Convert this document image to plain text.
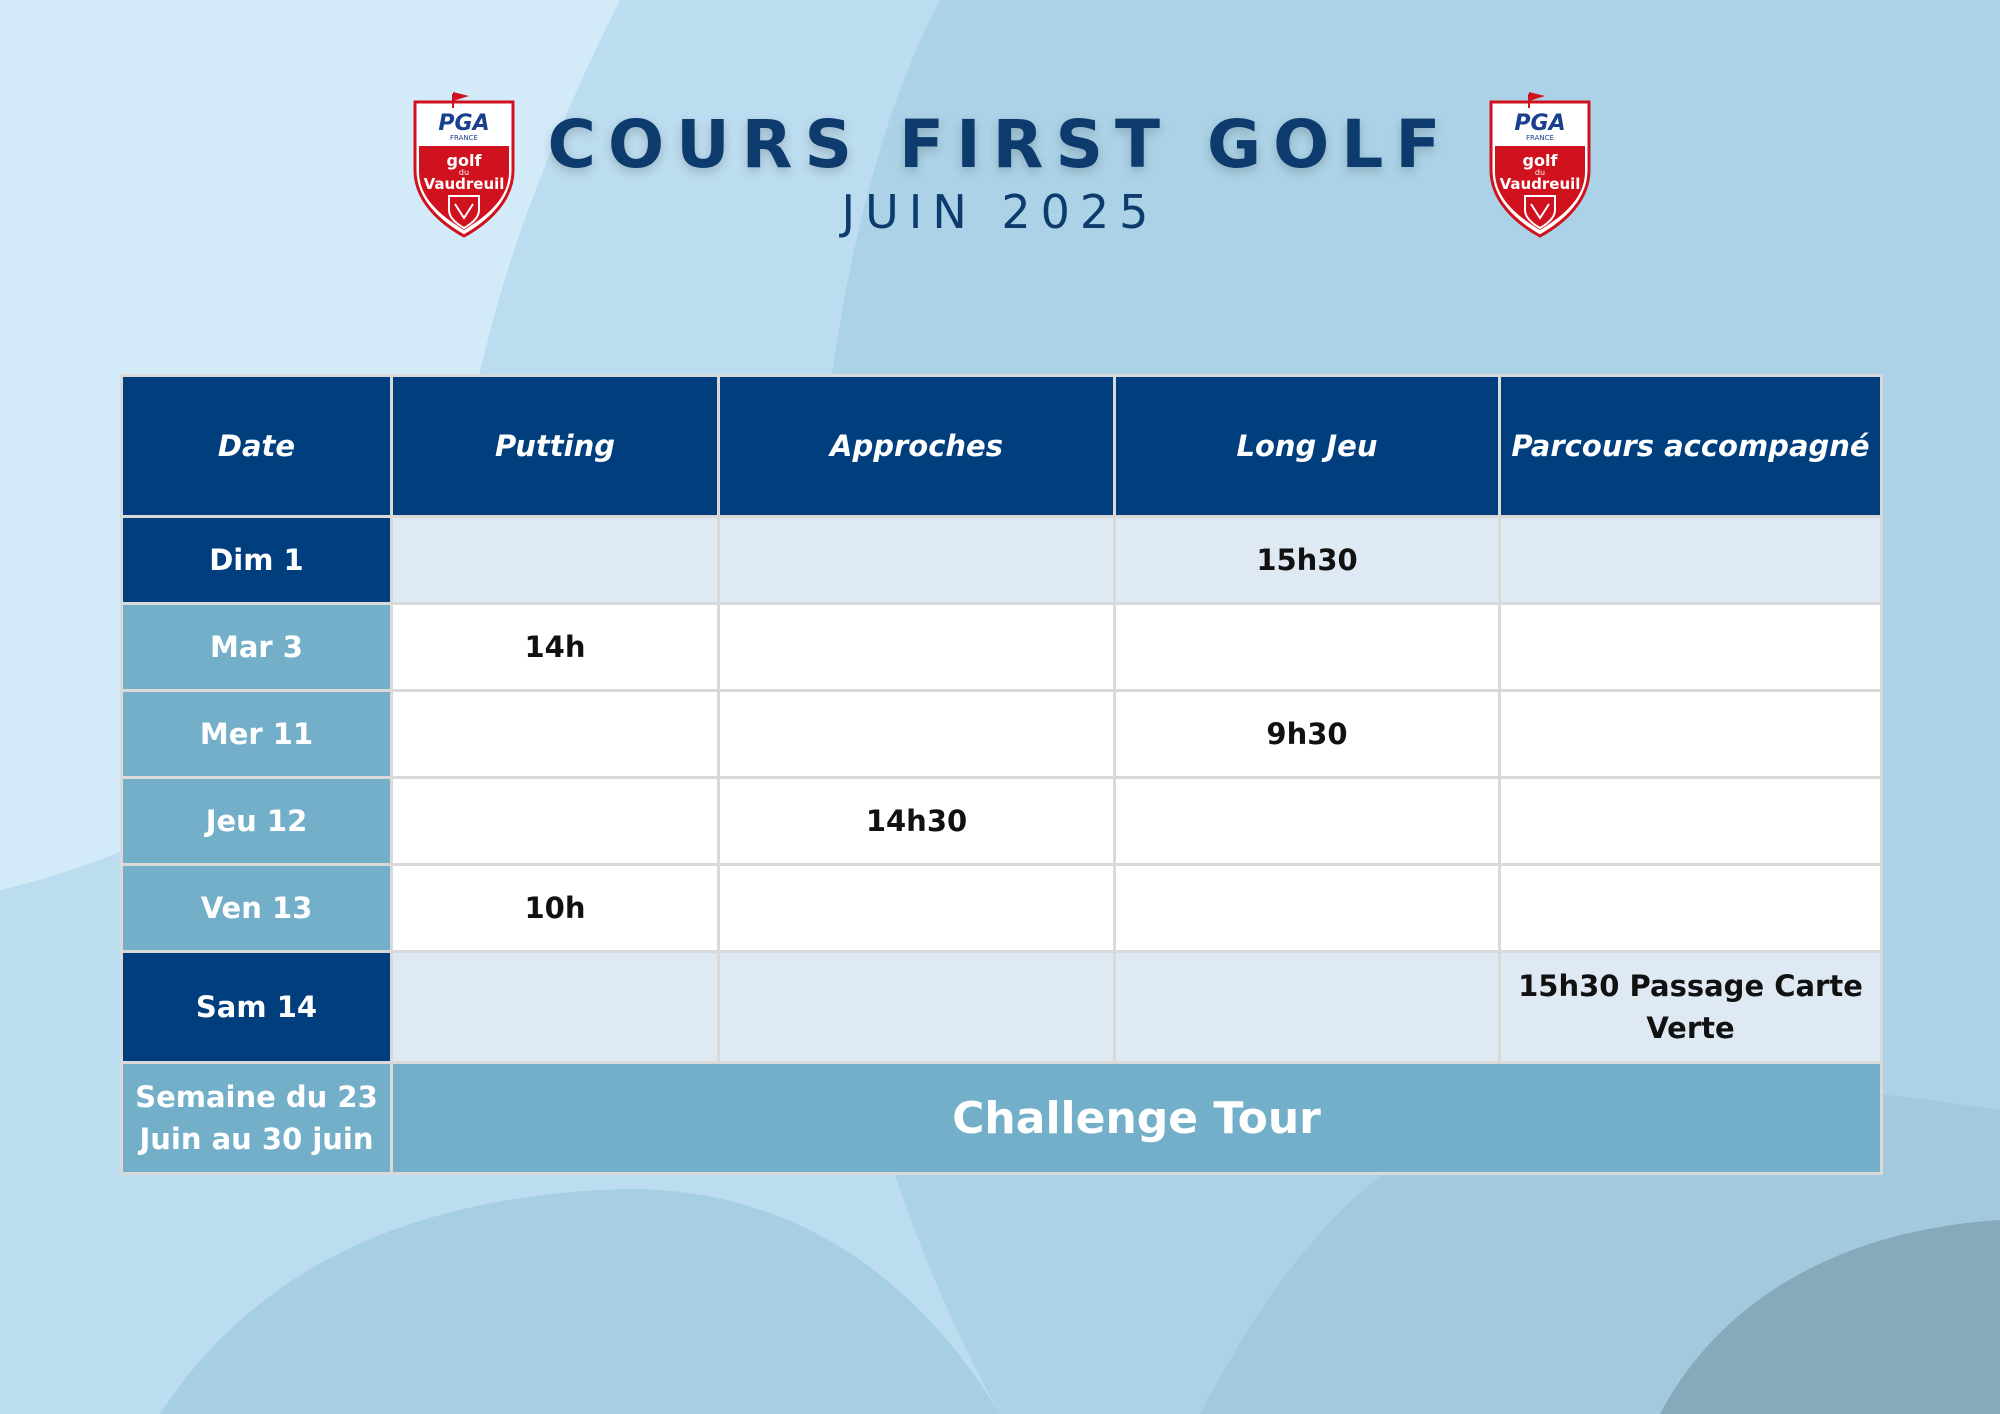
PGA
FRANCE
golf
du
Vaudreuil
PGA
FRANCE
golf
du
Vaudreuil
COURS FIRST GOLF
JUIN 2025
Date	Putting	Approches	Long Jeu	Parcours accompagné
Dim 1			15h30	
Mar 3	14h			
Mer 11			9h30	
Jeu 12		14h30		
Ven 13	10h			
Sam 14				15h30 Passage Carte Verte
Semaine du 23 Juin au 30 juin	Challenge Tour			
